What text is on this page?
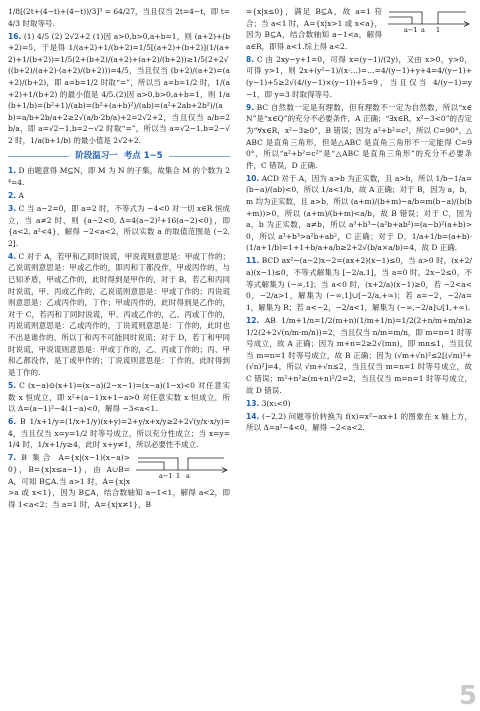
1/8[(2t+(4−t)+(4−t))/3]³ = 64/27，当且仅当 2t=4−t，即 t=4/3 时取等号.

16. (1) 4/5 (2) 2√2+2 (1)因 a>0,b>0,a+b=1，则 (a+2)+(b+2)=5，于是得 1/(a+2)+1/(b+2)=1/5[(a+2)+(b+2)](1/(a+2)+1/(b+2))=1/5(2+(b+2)/(a+2)+(a+2)/(b+2))≥1/5(2+2√((b+2)/(a+2)·(a+2)/(b+2)))=4/5，当且仅当 (b+2)/(a+2)=(a+2)/(b+2)，即 a=b=1/2 时取“=”，所以当 a=b=1/2 时，1/(a+2)+1/(b+2) 的最小值是 4/5.(2)因 a>0,b>0,a+b=1，则 1/a(b+1/b)=(b²+1)/(ab)=(b²+(a+b)²)/(ab)=(a²+2ab+2b²)/(ab)=a/b+2b/a+2≥2√(a/b·2b/a)+2=2√2+2，当且仅当 a/b=2b/a，即 a=√2−1,b=2−√2 时取“=”，所以当 a=√2−1,b=2−√2 时，1/a(b+1/b) 的最小值是 2√2+2.

阶段温习一 考点 1~5

1. D 由题意得 M⊆N，即 M 为 N 的子集，故集合 M 的个数为 2⁴=4.

2. A

3. C 当 a−2=0，即 a=2 时，不等式为 −4<0 对一切 x∈R 恒成立，当 a≠2 时，则 {a−2<0, Δ=4(a−2)²+16(a−2)<0}，即 {a<2, a²<4}，解得 −2<a<2，所以实数 a 的取值范围是 (−2,2].

4. C 对于 A，若甲和乙同时说谎，甲说谎则意思是：甲或丁作的；乙说谎则意思是：甲或乙作的，即丙和丁都没作，甲或丙作的，与已知矛盾，甲或乙作的，此时得到是甲作的，对于 B，若乙和丙同时说谎，甲、丙或乙作的，乙说谎则意思是：甲或丁作的；丙说谎则意思是：乙或丙作的，丁作；甲或丙作的，此时得到是乙作的，对于 C，若丙和丁同时说谎，甲、丙或乙作的，乙、丙或丁作的，丙说谎则意思是：乙或丙作的，丁说谎则意思是：丁作的，此时也不出是谁作的，所以丁和丙不可能同时说谎；对于 D，若丁和甲同时说谎，甲说谎则意思是：甲或丁作的，乙、丙或丁作的；丙、甲和乙都没作，是丁或甲作的；丁说谎则意思是：丁作的，此时得到是丁作的.

5. C (x−a)⊙(x+1)=(x−a)(2−x−1)=(x−a)(1−x)<0 对任意实数 x 恒成立，即 x²+(a−1)x+1−a>0 对任意实数 x 恒成立，所以 Δ=(a−1)²−4(1−a)<0，解得 −3<a<1.

6. B 1/x+1/y=(1/x+1/y)(x+y)=2+y/x+x/y≥2+2√(y/x·x/y)=4，当且仅当 x=y=1/2 时等号成立，所以充分性成立；当 x=y=1/4 时，1/x+1/y≥4，此时 x+y≠1，所以必要性不成立.

a−1 1 a
7. B 集合 A={x|(x−1)(x−a)>0}，B={x|x≤a−1}，由 A∪B=A，可知 B⊆A.当 a>1 时，A={x|x>a 或 x<1}，因为 B⊆A，结合数轴知 a−1<1，解得 a<2，即得 1<a<2；当 a=1 时，A={x|x≠1}，B

a−1 a 1
={x|x≤0}，满足 B⊆A，故 a=1 符合；当 a<1 时，A={x|x>1 或 x<a}，因为 B⊆A，结合数轴知 a−1<a，解得 a∈R，即得 a<1.综上得 a<2.

8. C 由 2xy−y+1=0，可得 x=(y−1)/(2y)，又由 x>0，y>0，可得 y>1，则 2x+(y²−1)/(x·…)=…=4/(y−1)+y+4=4/(y−1)+(y−1)+5≥2√(4/(y−1)×(y−1))+5=9，当且仅当 4/(y−1)=y−1，即 y=3 时取得等号.

9. BC 自然数一定是有理数，但有理数不一定为自然数，所以“x∈N”是“x∈Q”的充分不必要条件，A 正确；“∃x∈R，x²−3<0”的否定为“∀x∈R，x²−3≥0”，B 错误；因为 a²+b²=c²，所以 C=90°，△ABC 是直角三角形，但是△ABC 是直角三角形不一定能得 C=90°，所以“a²+b²=c²”是“△ABC 是直角三角形”的充分不必要条件，C 错误，D 正确.

10. ACD 对于 A，因为 a>b 为正实数，且 a>b，所以 1/b−1/a=(b−a)/(ab)<0，所以 1/a<1/b，故 A 正确；对于 B，因为 a，b，m 均为正实数，且 a>b，所以 (a+m)/(b+m)−a/b=m(b−a)/(b(b+m))>0，所以 (a+m)/(b+m)<a/b，故 B 错误；对于 C，因为 a，b 为正实数，a≠b，所以 a³+b³−(a²b+ab²)=(a−b)²(a+b)>0，所以 a³+b³>a²b+ab²，C 正确；对于 D，1/a+1/b=(a+b)·(1/a+1/b)=1+1+b/a+a/b≥2+2√(b/a×a/b)=4，故 D 正确.

11. BCD ax²−(a−2)x−2=(ax+2)(x−1)≤0，当 a>0 时，(x+2/a)(x−1)≤0，不等式解集为 [−2/a,1]，当 a=0 时，2x−2≤0，不等式解集为 (−∞,1]；当 a<0 时，(x+2/a)(x−1)≥0，若 −2<a<0，−2/a>1，解集为 (−∞,1]∪[−2/a,+∞)；若 a=−2，−2/a=1，解集为 R；若 a<−2，−2/a<1，解集为 (−∞,−2/a]∪[1,+∞).

12. AB 1/m+1/n=1/2(m+n)(1/m+1/n)=1/2(2+n/m+m/n)≥1/2(2+2√(n/m·m/n))=2，当且仅当 n/m=m/n，即 m=n=1 时等号成立，故 A 正确；因为 m+n=2≥2√(mn)，即 mn≤1，当且仅当 m=n=1 时等号成立，故 B 正确；因为 (√m+√n)²≤2[(√m)²+(√n)²]=4，所以 √m+√n≤2，当且仅当 m=n=1 时等号成立，故 C 错误；m²+n²≥(m+n)²/2=2，当且仅当 m=n=1 时等号成立，故 D 错误.

13. 3(x₁<0)

14. (−2,2) 问题等价转换为 f(x)=x²−ax+1 的图象在 x 轴上方，所以 Δ=a²−4<0，解得 −2<a<2.

5
